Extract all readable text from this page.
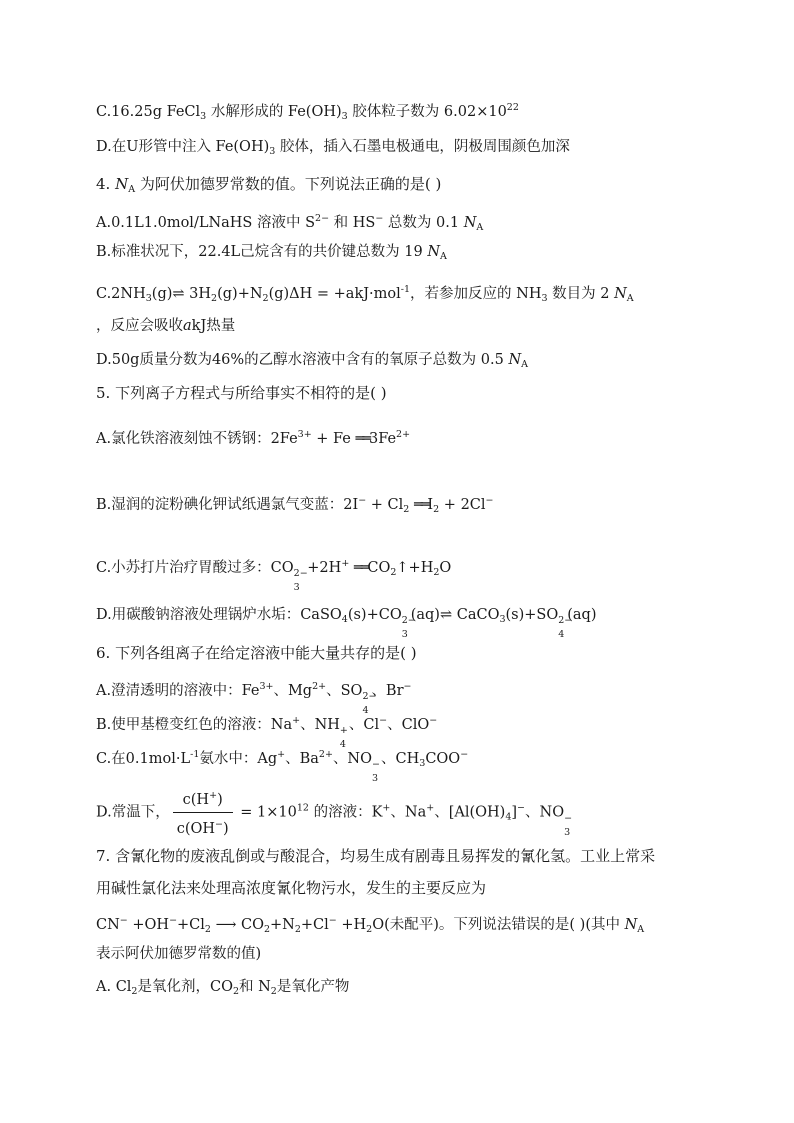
C.16.25g FeCl$_3$ 水解形成的 $Fe(OH)_3$ 胶体粒子数为 $6.02\times 10^{22}$
D.在U形管中注入 $Fe(OH)_3$ 胶体，插入石墨电极通电，阴极周围颜色加深
4. $N_A$ 为阿伏加德罗常数的值。下列说法正确的是( )
A.0.1L1.0mol/LNaHS 溶液中 $S^{2-}$ 和 HS− 总数为 0.1 $N_A$
B.标准状况下，22.4L己烷含有的共价键总数为 19 $N_A$
$C.2NH_3(g)\rightleftharpoons$ $3H_2(g)+N_2(g)\Delta H = +akJ\cdot mol^{-1}$，若参加反应的 $NH_3$ 数目为 2 $N_A$
，反应会吸收akJ热量
D.50g质量分数为46%的乙醇水溶液中含有的氧原子总数为 0.5 $N_A$
5. 下列离子方程式与所给事实不相符的是( )
A.氯化铁溶液刻蚀不锈钢：$2Fe^{3+} + Fe$ $══3Fe^{2+}$
B.湿润的淀粉碘化钾试纸遇氯气变蓝：$2I^- + Cl_2$ $══I_2 + 2Cl^-$
C.小苏打片治疗胃酸过多：CO 2−
3
+2H+ $══CO_2↑+H_2O$
D.用碳酸钠溶液处理锅炉水垢：CaSO$_4$(s)+CO 2−
3
(aq)⇌ CaCO$_3$(s)+SO 2−
4
(aq)
6. 下列各组离子在给定溶液中能大量共存的是( )
A.澄清透明的溶液中：$Fe^{3+}$、$Mg^{2+}$、SO 2−
4
、Br−
B.使甲基橙变红色的溶液：Na+、NH +
4
、Cl−、ClO−
C.在$0.1mol\cdot L^{-1}$氨水中：Ag+、$Ba^{2+}$、NO −
3
、$CH_3COO^-$
D.常温下， $\frac{c(H^+)}{c(OH^-)} = 1\times 10^{12}$ 的溶液：K+、Na+、$[Al(OH)_4]^-$、NO −
3
7. 含氰化物的废液乱倒或与酸混合，均易生成有剧毒且易挥发的氰化氢。工业上常采
用碱性氯化法来处理高浓度氰化物污水，发生的主要反应为
$CN^- +OH^-+Cl_2$ ⟶ $CO_2+N_2+Cl^- +H_2O$(未配平)。下列说法错误的是( )(其中 $N_A$
表示阿伏加德罗常数的值)
A. $Cl_2$是氧化剂，$CO_2$和 $N_2$是氧化产物
